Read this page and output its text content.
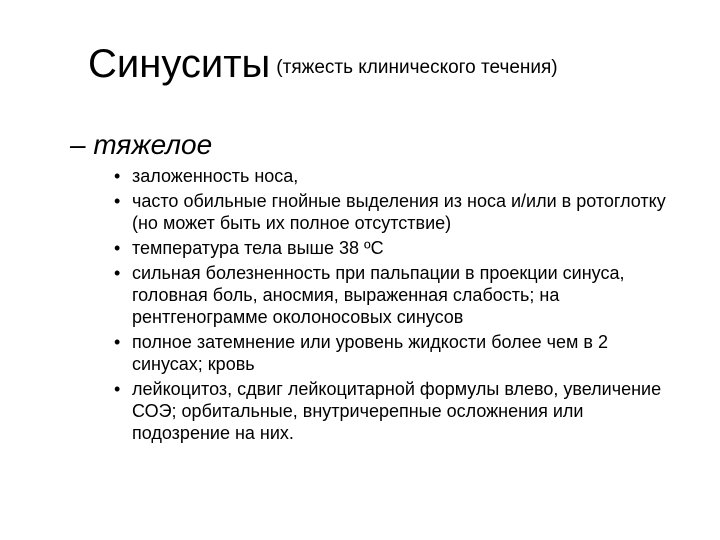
Синуситы (тяжесть клинического течения)
– тяжелое
• заложенность носа,
• часто обильные гнойные выделения из носа и/или в ротоглотку (но может быть их полное отсутствие)
• температура тела выше 38 ºС
• сильная болезненность при пальпации в проекции синуса, головная боль, аносмия, выраженная слабость; на рентгенограмме околоносовых синусов
• полное затемнение или уровень жидкости более чем в 2 синусах; кровь
• лейкоцитоз, сдвиг лейкоцитарной формулы влево, увеличение СОЭ; орбитальные, внутричерепные осложнения или подозрение на них.
